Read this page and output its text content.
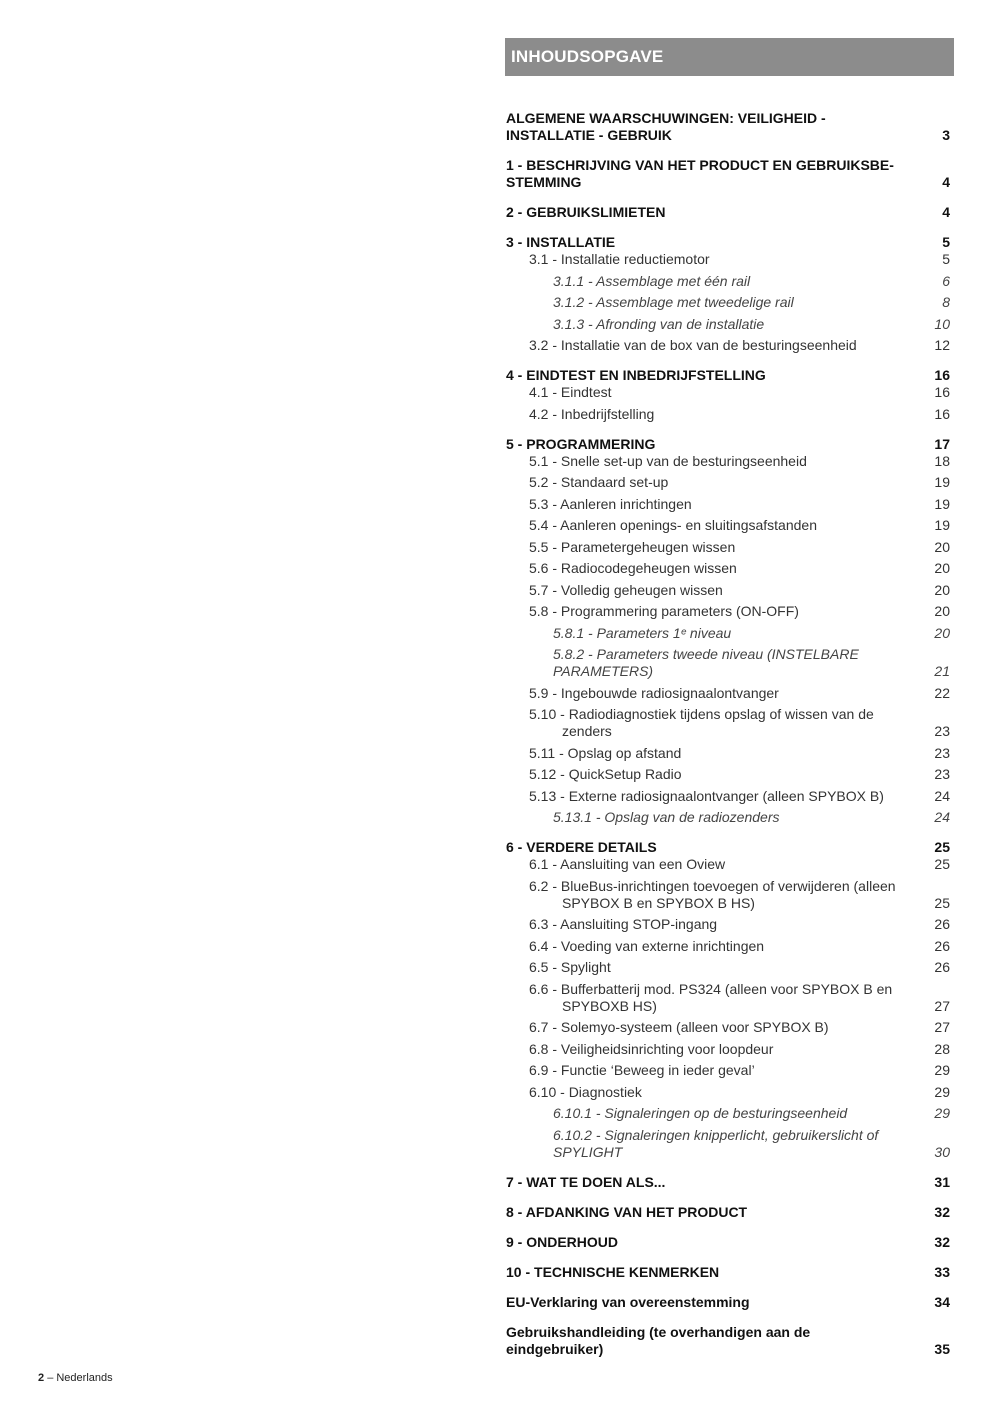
INHOUDSOPGAVE
ALGEMENE WAARSCHUWINGEN: VEILIGHEID - INSTALLATIE - GEBRUIK	3
1 - BESCHRIJVING VAN HET PRODUCT EN GEBRUIKSBE-STEMMING	4
2 - GEBRUIKSLIMIETEN	4
3 - INSTALLATIE	5
3.1 - Installatie reductiemotor	5
3.1.1 - Assemblage met één rail	6
3.1.2 - Assemblage met tweedelige rail	8
3.1.3 - Afronding van de installatie	10
3.2 - Installatie van de box van de besturingseenheid	12
4 - EINDTEST EN INBEDRIJFSTELLING	16
4.1 - Eindtest	16
4.2 - Inbedrijfstelling	16
5 - PROGRAMMERING	17
5.1 - Snelle set-up van de besturingseenheid	18
5.2 - Standaard set-up	19
5.3 - Aanleren inrichtingen	19
5.4 - Aanleren openings- en sluitingsafstanden	19
5.5 - Parametergeheugen wissen	20
5.6 - Radiocodegeheugen wissen	20
5.7 - Volledig geheugen wissen	20
5.8 - Programmering parameters (ON-OFF)	20
5.8.1 - Parameters 1ᵉ niveau	20
5.8.2 - Parameters tweede niveau (INSTELBARE PARAMETERS)	21
5.9 - Ingebouwde radiosignaalontvanger	22
5.10 - Radiodiagnostiek tijdens opslag of wissen van de zenders	23
5.11 - Opslag op afstand	23
5.12 - QuickSetup Radio	23
5.13 - Externe radiosignaalontvanger (alleen SPYBOX B)	24
5.13.1 - Opslag van de radiozenders	24
6 - VERDERE DETAILS	25
6.1 - Aansluiting van een Oview	25
6.2 - BlueBus-inrichtingen toevoegen of verwijderen (alleen SPYBOX B en SPYBOX B HS)	25
6.3 - Aansluiting STOP-ingang	26
6.4 - Voeding van externe inrichtingen	26
6.5 - Spylight	26
6.6 - Bufferbatterij mod. PS324 (alleen voor SPYBOX B en SPYBOXB HS)	27
6.7 - Solemyo-systeem (alleen voor SPYBOX B)	27
6.8 - Veiligheidsinrichting voor loopdeur	28
6.9 - Functie ‘Beweeg in ieder geval’	29
6.10 - Diagnostiek	29
6.10.1 - Signaleringen op de besturingseenheid	29
6.10.2 - Signaleringen knipperlicht, gebruikerslicht of SPYLIGHT	30
7 - WAT TE DOEN ALS...	31
8 - AFDANKING VAN HET PRODUCT	32
9 - ONDERHOUD	32
10 - TECHNISCHE KENMERKEN	33
EU-Verklaring van overeenstemming	34
Gebruikshandleiding (te overhandigen aan de eindgebruiker)	35
2 – Nederlands
